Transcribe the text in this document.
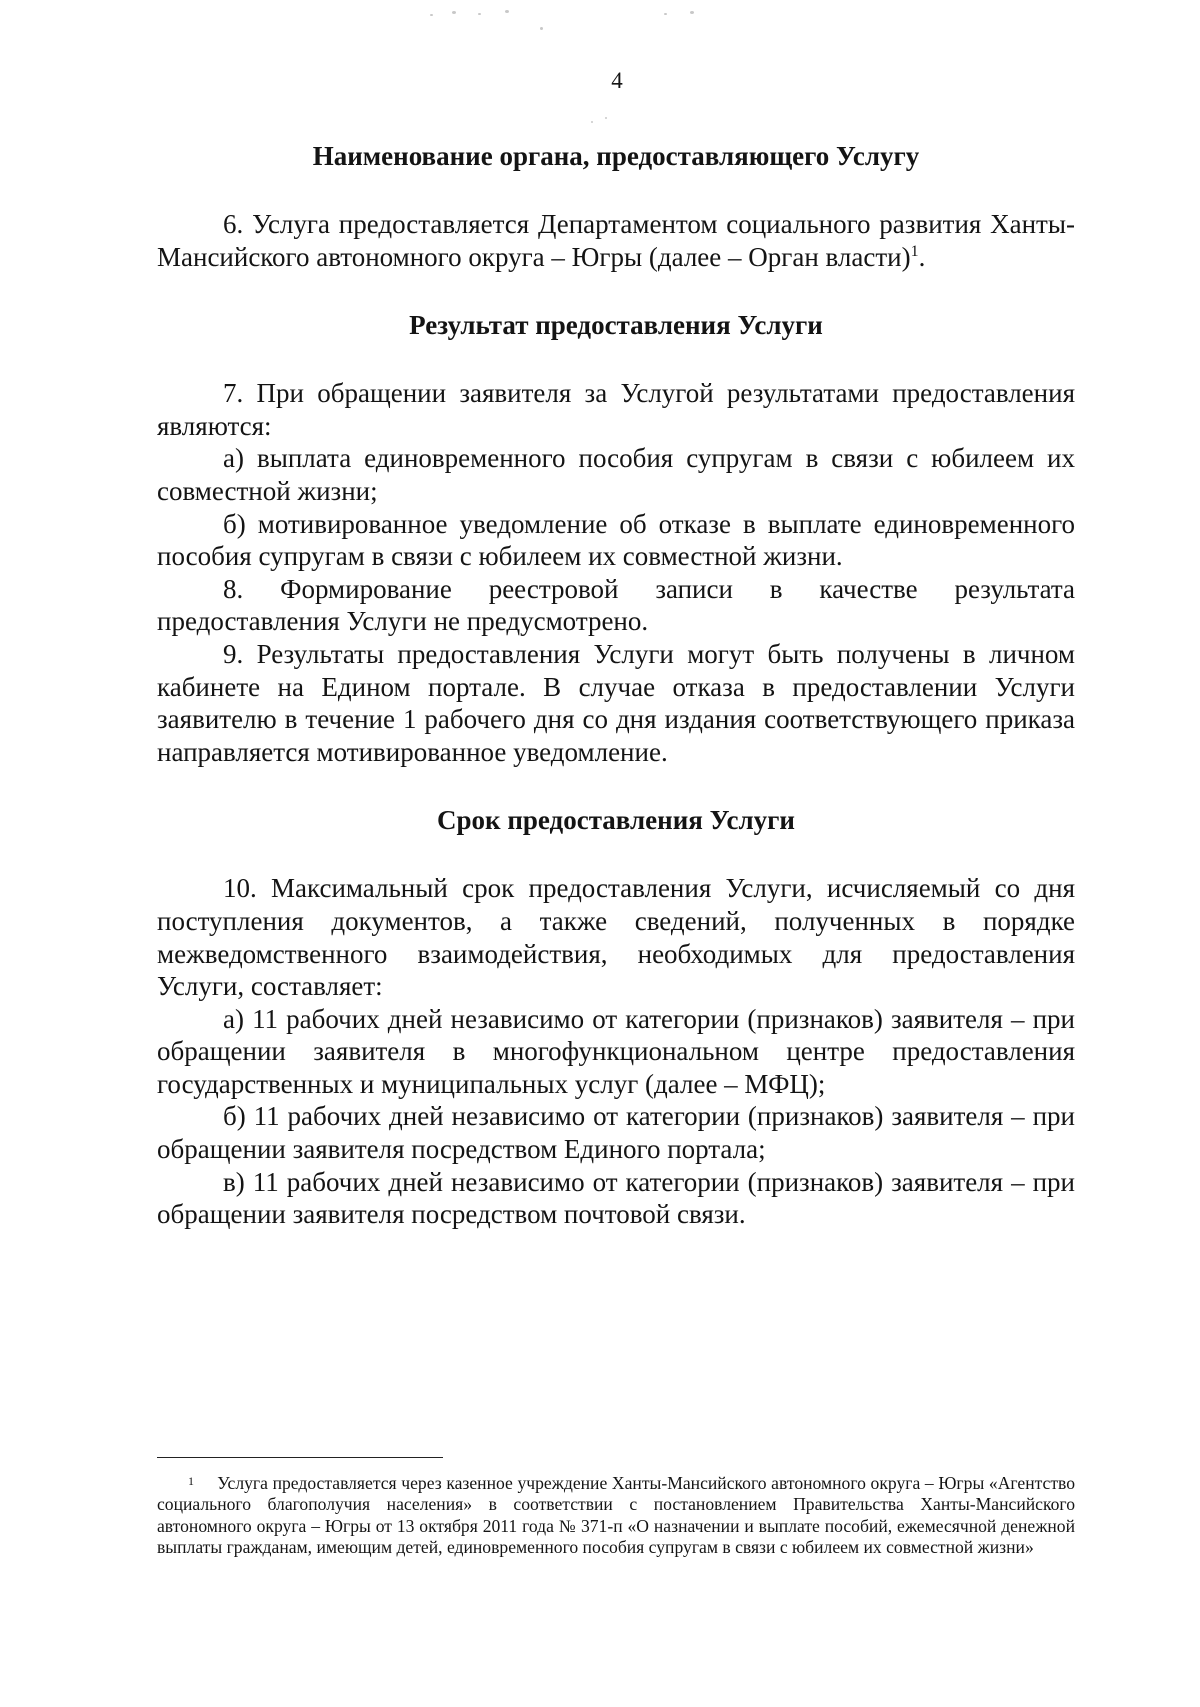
4
Наименование органа, предоставляющего Услугу

6. Услуга предоставляется Департаментом социального развития Ханты-Мансийского автономного округа – Югры (далее – Орган власти)$^1$.

Результат предоставления Услуги

7. При обращении заявителя за Услугой результатами предоставления являются:

а) выплата единовременного пособия супругам в связи с юбилеем их совместной жизни;

б) мотивированное уведомление об отказе в выплате единовременного пособия супругам в связи с юбилеем их совместной жизни.

8. Формирование реестровой записи в качестве результата предоставления Услуги не предусмотрено.

9. Результаты предоставления Услуги могут быть получены в личном кабинете на Едином портале. В случае отказа в предоставлении Услуги заявителю в течение 1 рабочего дня со дня издания соответствующего приказа направляется мотивированное уведомление.

Срок предоставления Услуги

10. Максимальный срок предоставления Услуги, исчисляемый со дня поступления документов, а также сведений, полученных в порядке межведомственного взаимодействия, необходимых для предоставления Услуги, составляет:

а) 11 рабочих дней независимо от категории (признаков) заявителя – при обращении заявителя в многофункциональном центре предоставления государственных и муниципальных услуг (далее – МФЦ);

б) 11 рабочих дней независимо от категории (признаков) заявителя – при обращении заявителя посредством Единого портала;

в) 11 рабочих дней независимо от категории (признаков) заявителя – при обращении заявителя посредством почтовой связи.

$^1$ Услуга предоставляется через казенное учреждение Ханты-Мансийского автономного округа – Югры «Агентство социального благополучия населения» в соответствии с постановлением Правительства Ханты-Мансийского автономного округа – Югры от 13 октября 2011 года № 371-п «О назначении и выплате пособий, ежемесячной денежной выплаты гражданам, имеющим детей, единовременного пособия супругам в связи с юбилеем их совместной жизни»
